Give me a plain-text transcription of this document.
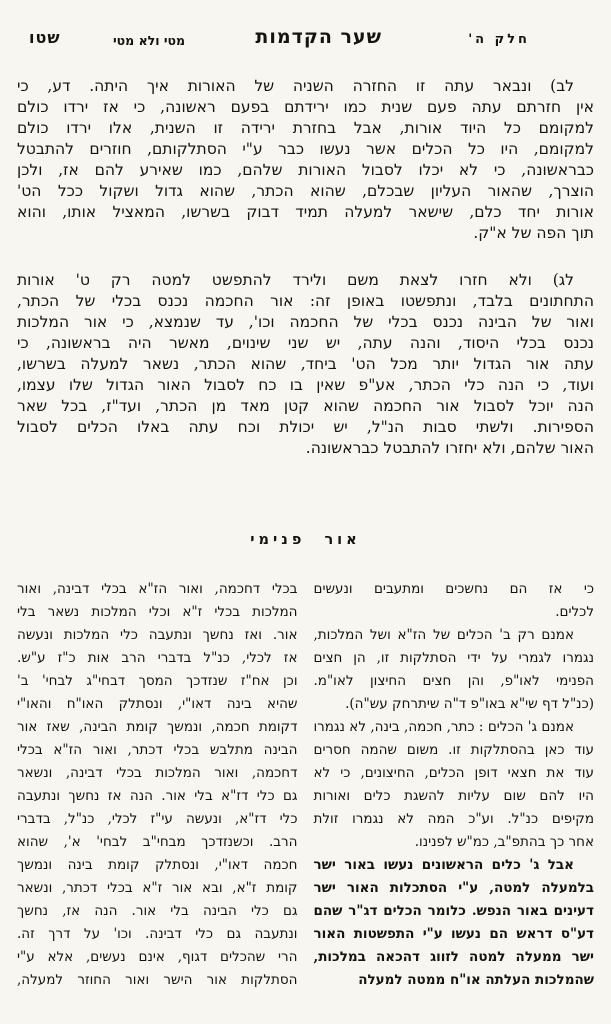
חלק ה'
שער הקדמות
מטי ולא מטי
שטו
לב) ונבאר עתה זו החזרה השניה של האורות איך היתה. דע, כי
אין חזרתם עתה פעם שנית כמו ירידתם בפעם ראשונה, כי אז ירדו כולם
למקומם כל היוד אורות, אבל בחזרת ירידה זו השנית, אלו ירדו כולם
למקומם, היו כל הכלים אשר נעשו כבר ע"י הסתלקותם, חוזרים להתבטל
כבראשונה, כי לא יכלו לסבול האורות שלהם, כמו שאירע להם אז, ולכן
הוצרך, שהאור העליון שבכלם, שהוא הכתר, שהוא גדול ושקול ככל הט'
אורות יחד כלם, שישאר למעלה תמיד דבוק בשרשו, המאציל אותו, והוא
תוך הפה של א"ק.
לג) ולא חזרו לצאת משם ולירד להתפשט למטה רק ט' אורות
התחתונים בלבד, ונתפשטו באופן זה: אור החכמה נכנס בכלי של הכתר,
ואור של הבינה נכנס בכלי של החכמה וכו', עד שנמצא, כי אור המלכות
נכנס בכלי היסוד, והנה עתה, יש שני שינוים, מאשר היה בראשונה, כי
עתה אור הגדול יותר מכל הט' ביחד, שהוא הכתר, נשאר למעלה בשרשו,
ועוד, כי הנה כלי הכתר, אע"פ שאין בו כח לסבול האור הגדול שלו עצמו,
הנה יוכל לסבול אור החכמה שהוא קטן מאד מן הכתר, ועד"ז, בכל שאר
הספירות. ולשתי סבות הנ"ל, יש יכולת וכח עתה באלו הכלים לסבול
האור שלהם, ולא יחזרו להתבטל כבראשונה.
אור פנימי
כי אז הם נחשכים ומתעבים ונעשים
לכלים.
אמנם רק ב' הכלים של הז"א ושל המלכות,
נגמרו לגמרי על ידי הסתלקות זו, הן חצים
הפנימי לאו"פ, והן חצים החיצון לאו"מ.
(כנ"ל דף שי"א באו"פ ד"ה שיתרחק עש"ה).
אמנם ג' הכלים : כתר, חכמה, בינה, לא נגמרו
עוד כאן בהסתלקות זו. משום שהמה חסרים
עוד את חצאי דופן הכלים, החיצונים, כי לא
היו להם שום עליות להשגת כלים ואורות
מקיפים כנ"ל. וע"כ המה לא נגמרו זולת
אחר כך בהתפ"ב, כמ"ש לפנינו.
אבל ג' כלים הראשונים נעשו באור ישר
בלמעלה למטה, ע"י הסתכלות האור ישר
דעינים באור הנפש. כלומר הכלים דג"ר שהם
דע"ס דראש הם נעשו ע"י התפשטות האור
ישר ממעלה למטה לזווג דהכאה במלכות,
שהמלכות העלתה או"ח ממטה למעלה
בכלי דחכמה, ואור הז"א בכלי דבינה, ואור
המלכות בכלי ז"א וכלי המלכות נשאר בלי
אור. ואז נחשך ונתעבה כלי המלכות ונעשה
אז לכלי, כנ"ל בדברי הרב אות כ"ז ע"ש.
וכן אח"ז שנזדכך המסך דבחי"ג לבחי' ב'
שהיא בינה דאו"י, ונסתלק האו"ח והאו"י
דקומת חכמה, ונמשך קומת הבינה, שאז אור
הבינה מתלבש בכלי דכתר, ואור הז"א בכלי
דחכמה, ואור המלכות בכלי דבינה, ונשאר
גם כלי דז"א בלי אור. הנה אז נחשך ונתעבה
כלי דז"א, ונעשה עי"ז לכלי, כנ"ל, בדברי
הרב. וכשנזדכך מבחי"ב לבחי' א', שהוא
חכמה דאו"י, ונסתלק קומת בינה ונמשך
קומת ז"א, ובא אור ז"א בכלי דכתר, ונשאר
גם כלי הבינה בלי אור. הנה אז, נחשך
ונתעבה גם כלי דבינה. וכו' על דרך זה.
הרי שהכלים דגוף, אינם נעשים, אלא ע"י
הסתלקות אור הישר ואור החוזר למעלה,
